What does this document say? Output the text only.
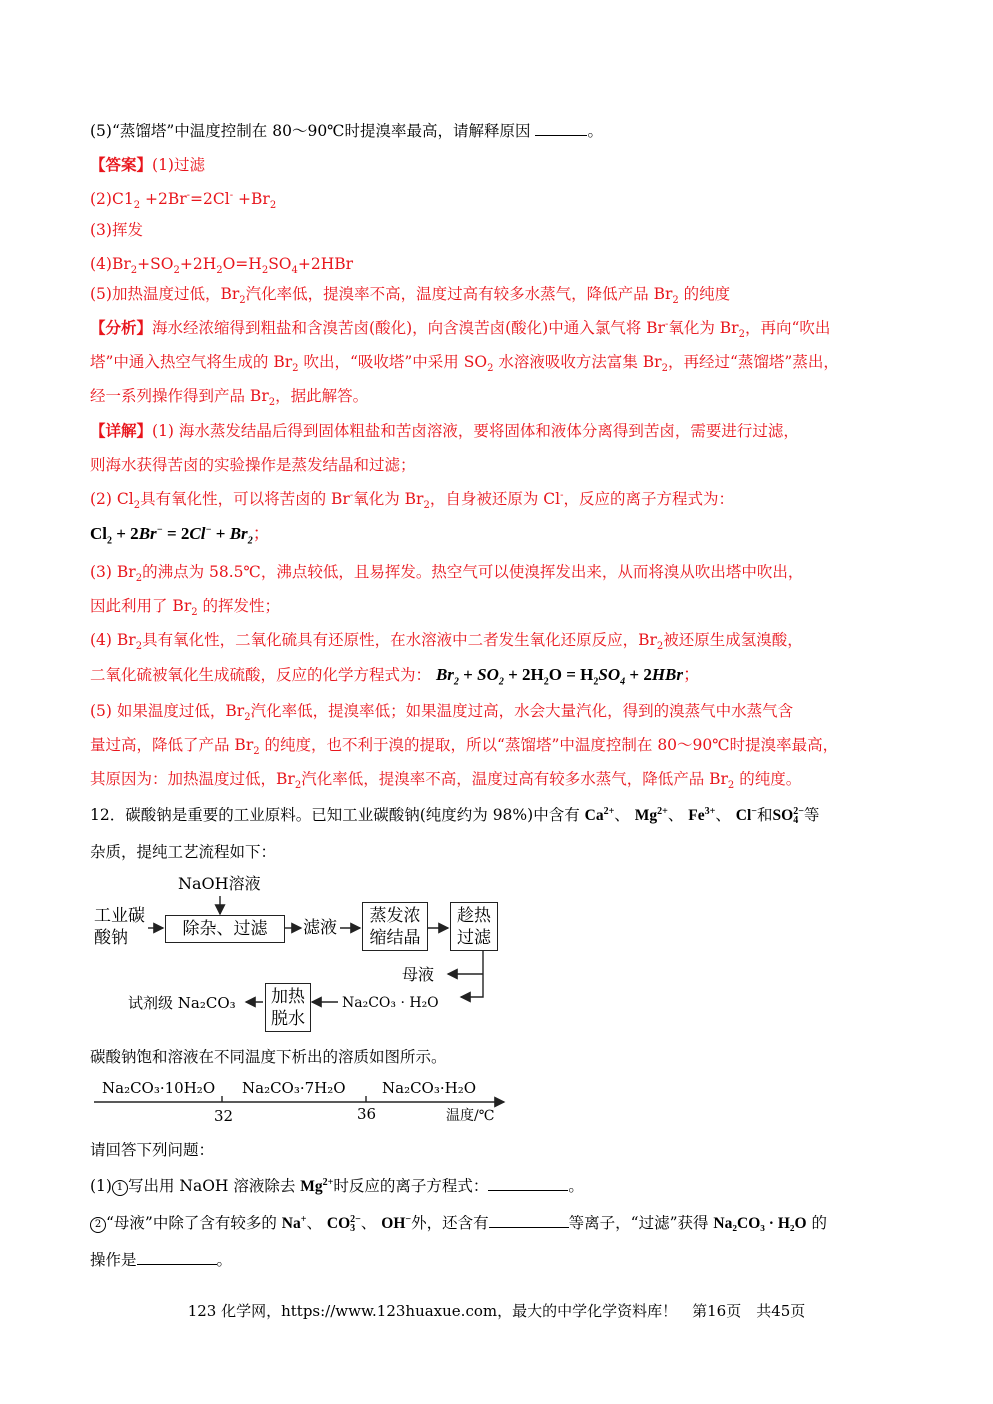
(5)“蒸馏塔”中温度控制在 80～90℃时提溴率最高，请解释原因	。
【答案】(1)过滤
$(2)C1_2 +2Br^-=2Cl^- +Br_2$
(3)挥发
$(4)Br_2+SO_2+2H_2O=H_2SO_4+2HBr$
(5)加热温度过低，$Br_2$汽化率低，提溴率不高，温度过高有较多水蒸气，降低产品 $Br_2$ 的纯度
【分析】海水经浓缩得到粗盐和含溴苦卤(酸化)，向含溴苦卤(酸化)中通入氯气将 Br-氧化为 $Br_2$，再向“吹出
塔”中通入热空气将生成的 $Br_2$ 吹出，“吸收塔”中采用 $SO_2$ 水溶液吸收方法富集 $Br_2$，再经过“蒸馏塔”蒸出，
经一系列操作得到产品 $Br_2$，据此解答。
【详解】(1) 海水蒸发结晶后得到固体粗盐和苦卤溶液，要将固体和液体分离得到苦卤，需要进行过滤，
则海水获得苦卤的实验操作是蒸发结晶和过滤；
(2) $Cl_2$具有氧化性，可以将苦卤的 Br-氧化为 $Br_2$，自身被还原为 Cl-，反应的离子方程式为：
$Cl_2 + 2Br^- = 2Cl^- + Br_2$；
(3) $Br_2$的沸点为 58.5℃，沸点较低，且易挥发。热空气可以使溴挥发出来，从而将溴从吹出塔中吹出，
因此利用了 $Br_2$ 的挥发性；
(4) $Br_2$具有氧化性，二氧化硫具有还原性，在水溶液中二者发生氧化还原反应，$Br_2$被还原生成氢溴酸，
二氧化硫被氧化生成硫酸，反应的化学方程式为： $Br_2 + SO_2 + 2H_2O = H_2SO_4 + 2HBr$；
(5) 如果温度过低，$Br_2$汽化率低，提溴率低；如果温度过高，水会大量汽化，得到的溴蒸气中水蒸气含
量过高，降低了产品 $Br_2$ 的纯度，也不利于溴的提取，所以“蒸馏塔”中温度控制在 80～90℃时提溴率最高，
其原因为：加热温度过低，$Br_2$汽化率低，提溴率不高，温度过高有较多水蒸气，降低产品 $Br_2$ 的纯度。
12．碳酸钠是重要的工业原料。已知工业碳酸钠(纯度约为 98%)中含有 $Ca^{2+}$、 $Mg^{2+}$、 $Fe^{3+}$、 Cl−和SO 2−
4 等
杂质，提纯工艺流程如下：
NaOH溶液
工业碳
酸钠	除杂、过滤	滤液
蒸发浓
缩结晶
趁热
过滤
母液
Na₂CO₃ · H₂O
加热
脱水
试剂级 Na₂CO₃
碳酸钠饱和溶液在不同温度下析出的溶质如图所示。
Na₂CO₃·10H₂O Na₂CO₃·7H₂O Na₂CO₃·H₂O
32	36	温度/℃
请回答下列问题：
(1) 1 写出用 NaOH 溶液除去 $Mg^{2+}$时反应的离子方程式：	。
2 “母液”中除了含有较多的 Na+、 CO 2−
3 、 OH−外，还含有	等离子，“过滤”获得 Na₂CO₃ · H₂O 的
操作是	。
123 化学网，https://www.123huaxue.com，最大的中学化学资料库！　第16页　共45页
